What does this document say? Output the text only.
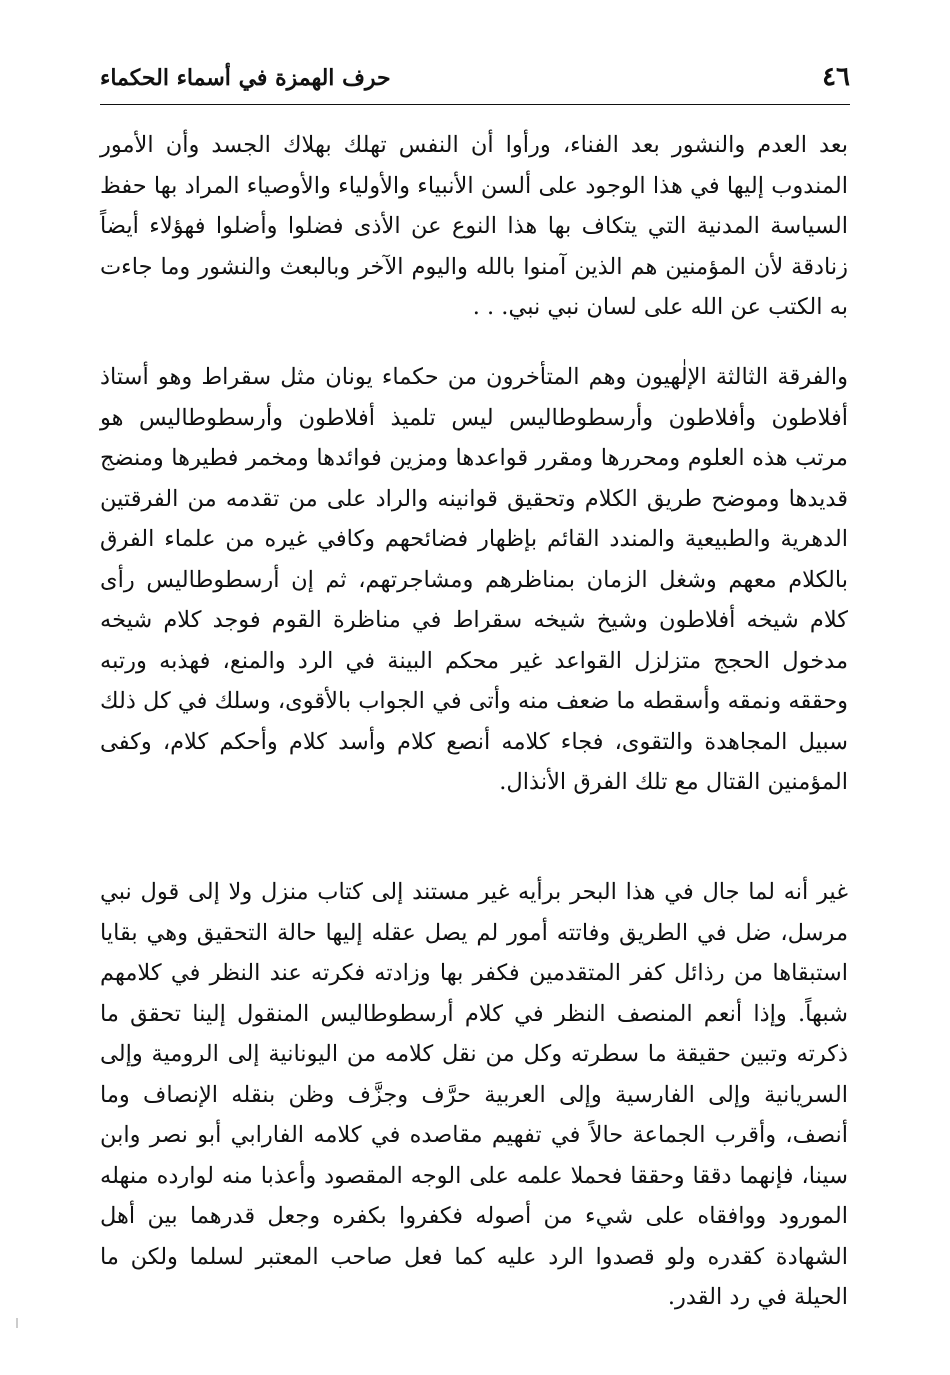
٤٦
حرف الهمزة في أسماء الحكماء

بعد العدم والنشور بعد الفناء، ورأوا أن النفس تهلك بهلاك الجسد وأن الأمور المندوب إليها في هذا الوجود على ألسن الأنبياء والأولياء والأوصياء المراد بها حفظ السياسة المدنية التي يتكاف بها هذا النوع عن الأذى فضلوا وأضلوا فهؤلاء أيضاً زنادقة لأن المؤمنين هم الذين آمنوا بالله واليوم الآخر وبالبعث والنشور وما جاءت به الكتب عن الله على لسان نبي نبي. . .

والفرقة الثالثة الإلٰهيون وهم المتأخرون من حكماء يونان مثل سقراط وهو أستاذ أفلاطون وأفلاطون وأرسطوطاليس ليس تلميذ أفلاطون وأرسطوطاليس هو مرتب هذه العلوم ومحررها ومقرر قواعدها ومزين فوائدها ومخمر فطيرها ومنضج قديدها وموضح طريق الكلام وتحقيق قوانينه والراد على من تقدمه من الفرقتين الدهرية والطبيعية والمندد القائم بإظهار فضائحهم وكافي غيره من علماء الفرق بالكلام معهم وشغل الزمان بمناظرهم ومشاجرتهم، ثم إن أرسطوطاليس رأى كلام شيخه أفلاطون وشيخ شيخه سقراط في مناظرة القوم فوجد كلام شيخه مدخول الحجج متزلزل القواعد غير محكم البينة في الرد والمنع، فهذبه ورتبه وحققه ونمقه وأسقطه ما ضعف منه وأتى في الجواب بالأقوى، وسلك في كل ذلك سبيل المجاهدة والتقوى، فجاء كلامه أنصع كلام وأسد كلام وأحكم كلام، وكفى المؤمنين القتال مع تلك الفرق الأنذال.

غير أنه لما جال في هذا البحر برأيه غير مستند إلى كتاب منزل ولا إلى قول نبي مرسل، ضل في الطريق وفاتته أمور لم يصل عقله إليها حالة التحقيق وهي بقايا استبقاها من رذائل كفر المتقدمين فكفر بها وزادته فكرته عند النظر في كلامهم شبهاً. وإذا أنعم المنصف النظر في كلام أرسطوطاليس المنقول إلينا تحقق ما ذكرته وتبين حقيقة ما سطرته وكل من نقل كلامه من اليونانية إلى الرومية وإلى السريانية وإلى الفارسية وإلى العربية حرَّف وجزَّف وظن بنقله الإنصاف وما أنصف، وأقرب الجماعة حالاً في تفهيم مقاصده في كلامه الفارابي أبو نصر وابن سينا، فإنهما دققا وحققا فحملا علمه على الوجه المقصود وأعذبا منه لوارده منهله المورود ووافقاه على شيء من أصوله فكفروا بكفره وجعل قدرهما بين أهل الشهادة كقدره ولو قصدوا الرد عليه كما فعل صاحب المعتبر لسلما ولكن ما الحيلة في رد القدر.
